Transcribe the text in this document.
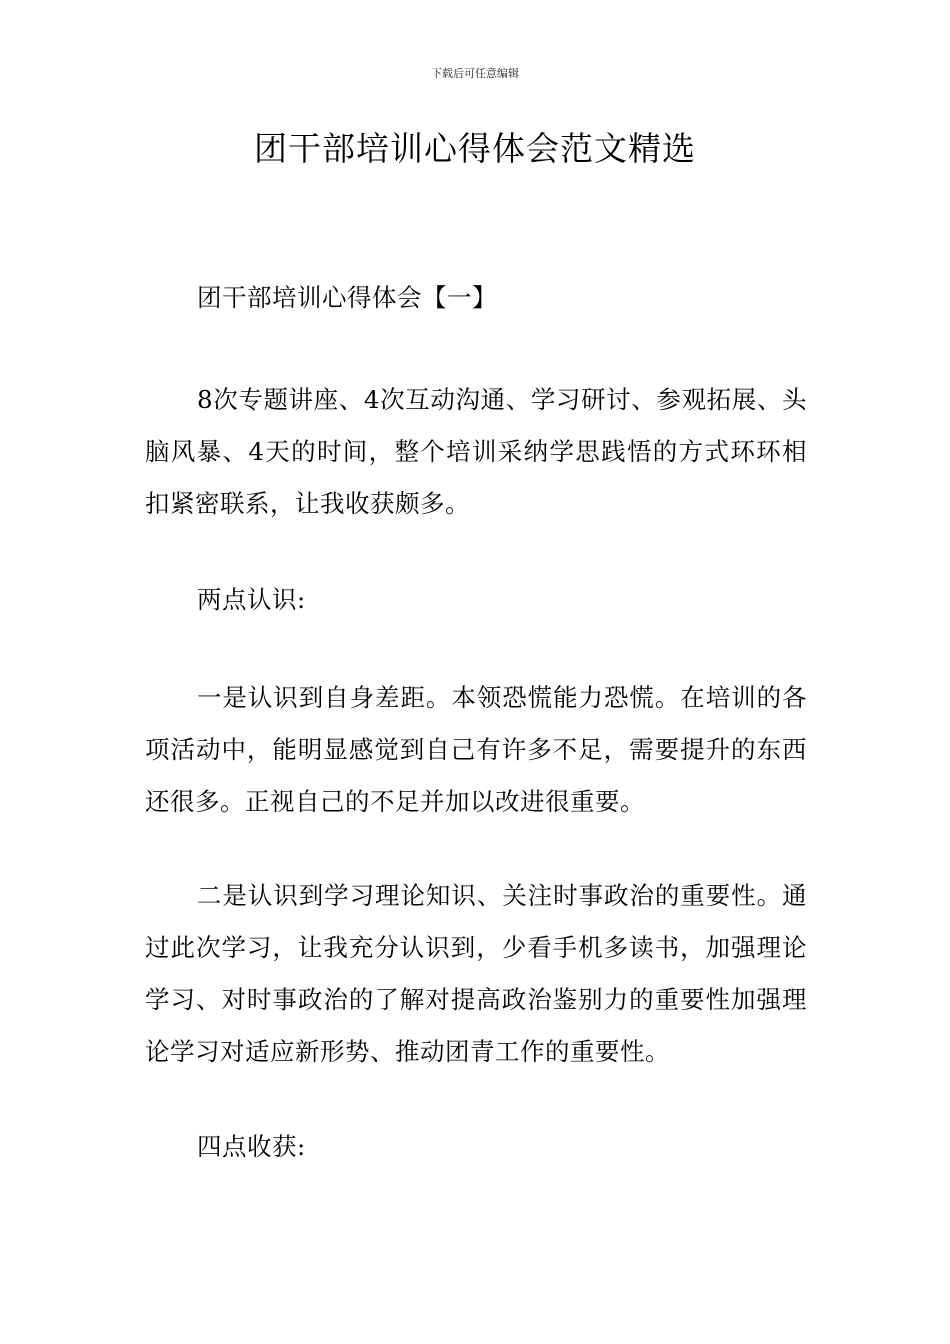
下载后可任意编辑
团干部培训心得体会范文精选

团干部培训心得体会【一】

8次专题讲座、4次互动沟通、学习研讨、参观拓展、头脑风暴、4天的时间，整个培训采纳学思践悟的方式环环相扣紧密联系，让我收获颇多。

两点认识:

一是认识到自身差距。本领恐慌能力恐慌。在培训的各项活动中，能明显感觉到自己有许多不足，需要提升的东西还很多。正视自己的不足并加以改进很重要。

二是认识到学习理论知识、关注时事政治的重要性。通过此次学习，让我充分认识到，少看手机多读书，加强理论学习、对时事政治的了解对提高政治鉴别力的重要性加强理论学习对适应新形势、推动团青工作的重要性。

四点收获:
